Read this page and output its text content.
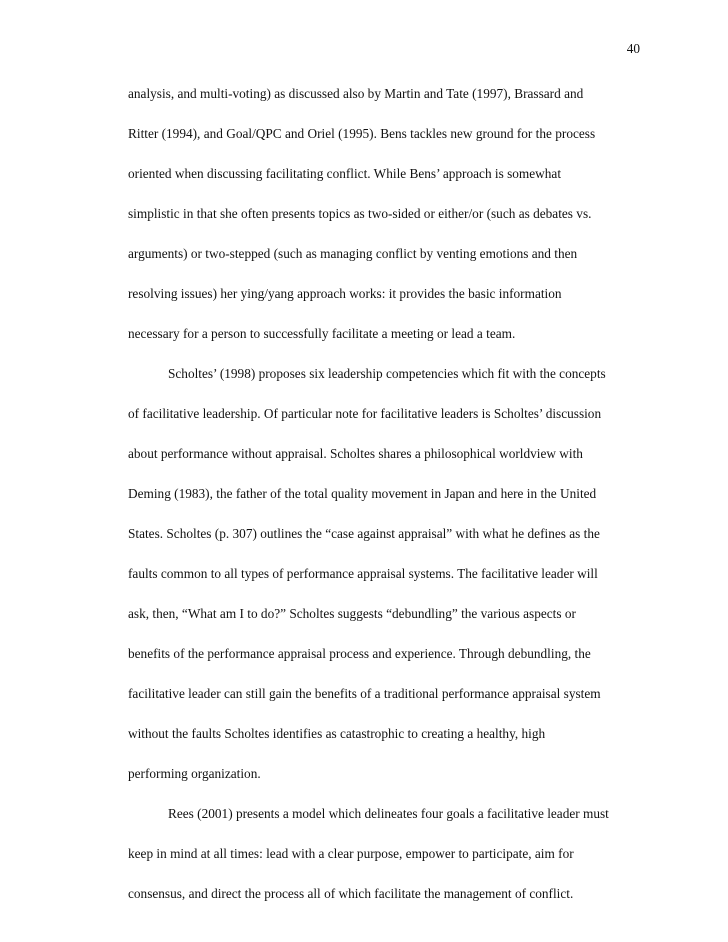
40
analysis, and multi-voting) as discussed also by Martin and Tate (1997), Brassard and
Ritter (1994), and Goal/QPC and Oriel (1995). Bens tackles new ground for the process
oriented when discussing facilitating conflict. While Bens’ approach is somewhat
simplistic in that she often presents topics as two-sided or either/or (such as debates vs.
arguments) or two-stepped (such as managing conflict by venting emotions and then
resolving issues) her ying/yang approach works: it provides the basic information
necessary for a person to successfully facilitate a meeting or lead a team.
Scholtes’ (1998) proposes six leadership competencies which fit with the concepts
of facilitative leadership. Of particular note for facilitative leaders is Scholtes’ discussion
about performance without appraisal. Scholtes shares a philosophical worldview with
Deming (1983), the father of the total quality movement in Japan and here in the United
States. Scholtes (p. 307) outlines the “case against appraisal” with what he defines as the
faults common to all types of performance appraisal systems. The facilitative leader will
ask, then, “What am I to do?” Scholtes suggests “debundling” the various aspects or
benefits of the performance appraisal process and experience. Through debundling, the
facilitative leader can still gain the benefits of a traditional performance appraisal system
without the faults Scholtes identifies as catastrophic to creating a healthy, high
performing organization.
Rees (2001) presents a model which delineates four goals a facilitative leader must
keep in mind at all times: lead with a clear purpose, empower to participate, aim for
consensus, and direct the process all of which facilitate the management of conflict.
